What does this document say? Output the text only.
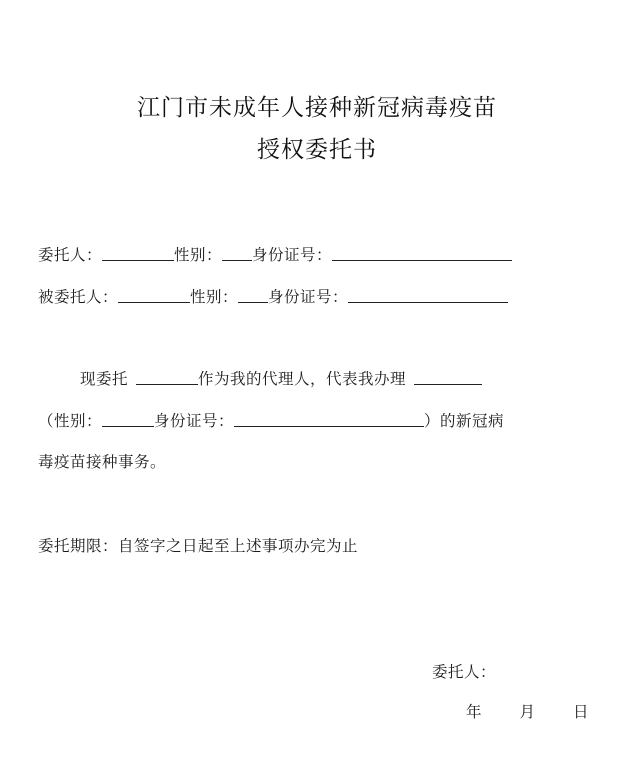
江门市未成年人接种新冠病毒疫苗
授权委托书
委托人：	性别： 身份证号：
被委托人：	性别： 身份证号：
现委托	作为我的代理人，代表我办理
（性别：	身份证号：	）的新冠病
毒疫苗接种事务。
委托期限：自签字之日起至上述事项办完为止
委托人：
年 月 日
